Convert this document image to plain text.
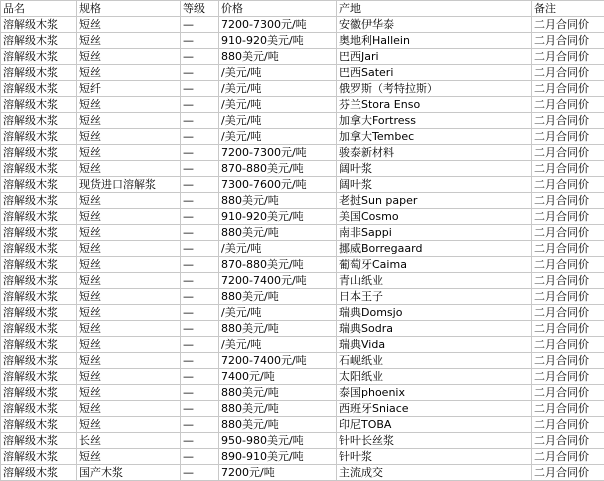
品名	规格	等级	价格	产地	备注
溶解级木浆	短丝	—	7200-7300元/吨	安徽伊华泰	二月合同价
溶解级木浆	短丝	—	910-920美元/吨	奥地利Hallein	二月合同价
溶解级木浆	短丝	—	880美元/吨	巴西Jari	二月合同价
溶解级木浆	短丝	—	/美元/吨	巴西Sateri	二月合同价
溶解级木浆	短纤	—	/美元/吨	俄罗斯（考特拉斯）	二月合同价
溶解级木浆	短丝	—	/美元/吨	芬兰Stora Enso	二月合同价
溶解级木浆	短丝	—	/美元/吨	加拿大Fortress	二月合同价
溶解级木浆	短丝	—	/美元/吨	加拿大Tembec	二月合同价
溶解级木浆	短丝	—	7200-7300元/吨	骏泰新材料	二月合同价
溶解级木浆	短丝	—	870-880美元/吨	阔叶浆	二月合同价
溶解级木浆	现货进口溶解浆	—	7300-7600元/吨	阔叶浆	二月合同价
溶解级木浆	短丝	—	880美元/吨	老挝Sun paper	二月合同价
溶解级木浆	短丝	—	910-920美元/吨	美国Cosmo	二月合同价
溶解级木浆	短丝	—	880美元/吨	南非Sappi	二月合同价
溶解级木浆	短丝	—	/美元/吨	挪威Borregaard	二月合同价
溶解级木浆	短丝	—	870-880美元/吨	葡萄牙Caima	二月合同价
溶解级木浆	短丝	—	7200-7400元/吨	青山纸业	二月合同价
溶解级木浆	短丝	—	880美元/吨	日本王子	二月合同价
溶解级木浆	短丝	—	/美元/吨	瑞典Domsjo	二月合同价
溶解级木浆	短丝	—	880美元/吨	瑞典Sodra	二月合同价
溶解级木浆	短丝	—	/美元/吨	瑞典Vida	二月合同价
溶解级木浆	短丝	—	7200-7400元/吨	石岘纸业	二月合同价
溶解级木浆	短丝	—	7400元/吨	太阳纸业	二月合同价
溶解级木浆	短丝	—	880美元/吨	泰国phoenix	二月合同价
溶解级木浆	短丝	—	880美元/吨	西班牙Sniace	二月合同价
溶解级木浆	短丝	—	880美元/吨	印尼TOBA	二月合同价
溶解级木浆	长丝	—	950-980美元/吨	针叶长丝浆	二月合同价
溶解级木浆	短丝	—	890-910美元/吨	针叶浆	二月合同价
溶解级木浆	国产木浆	—	7200元/吨	主流成交	二月合同价
